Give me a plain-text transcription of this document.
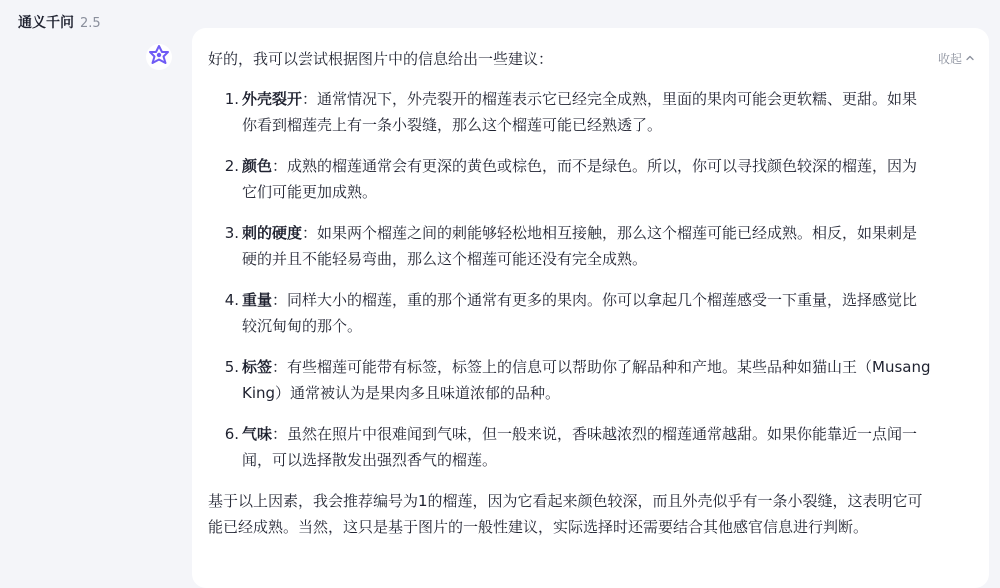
通义千问 2.5
收起

好的，我可以尝试根据图片中的信息给出一些建议：

1. 外壳裂开：通常情况下，外壳裂开的榴莲表示它已经完全成熟，里面的果肉可能会更软糯、更甜。如果你看到榴莲壳上有一条小裂缝，那么这个榴莲可能已经熟透了。
2. 颜色：成熟的榴莲通常会有更深的黄色或棕色，而不是绿色。所以，你可以寻找颜色较深的榴莲，因为它们可能更加成熟。
3. 刺的硬度：如果两个榴莲之间的刺能够轻松地相互接触，那么这个榴莲可能已经成熟。相反，如果刺是硬的并且不能轻易弯曲，那么这个榴莲可能还没有完全成熟。
4. 重量：同样大小的榴莲，重的那个通常有更多的果肉。你可以拿起几个榴莲感受一下重量，选择感觉比较沉甸甸的那个。
5. 标签：有些榴莲可能带有标签，标签上的信息可以帮助你了解品种和产地。某些品种如猫山王（Musang King）通常被认为是果肉多且味道浓郁的品种。
6. 气味：虽然在照片中很难闻到气味，但一般来说，香味越浓烈的榴莲通常越甜。如果你能靠近一点闻一闻，可以选择散发出强烈香气的榴莲。

基于以上因素，我会推荐编号为1的榴莲，因为它看起来颜色较深，而且外壳似乎有一条小裂缝，这表明它可能已经成熟。当然，这只是基于图片的一般性建议，实际选择时还需要结合其他感官信息进行判断。
